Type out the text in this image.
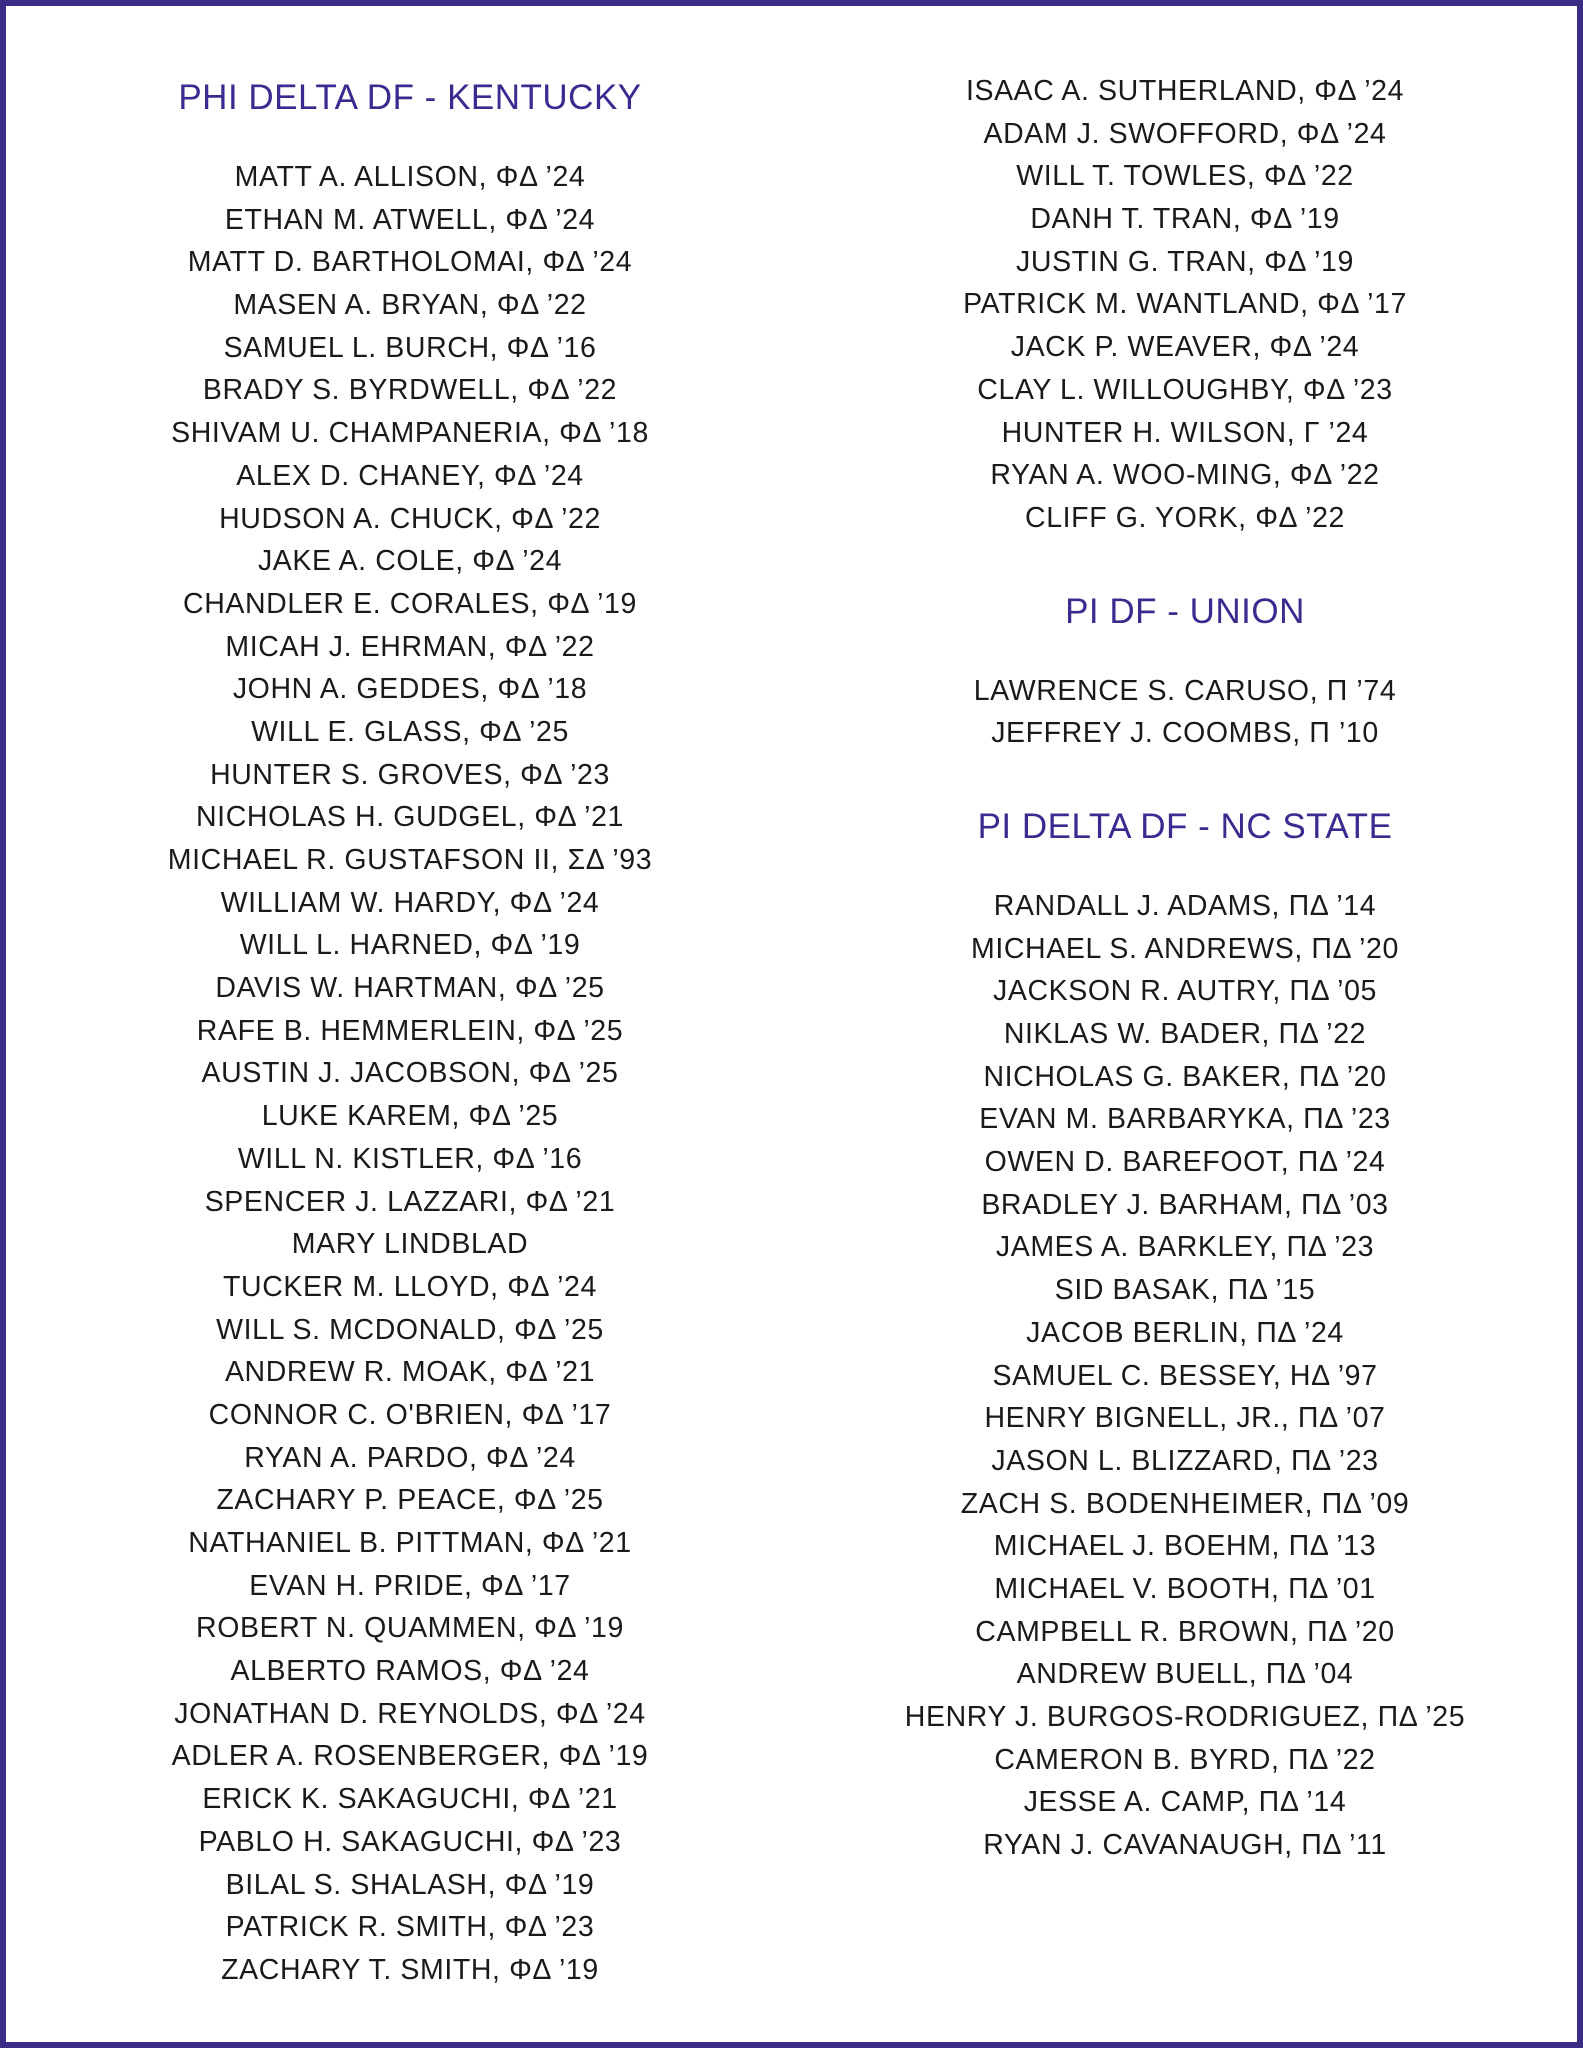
PHI DELTA DF - KENTUCKY
MATT A. ALLISON, ΦΔ ’24
ETHAN M. ATWELL, ΦΔ ’24
MATT D. BARTHOLOMAI, ΦΔ ’24
MASEN A. BRYAN, ΦΔ ’22
SAMUEL L. BURCH, ΦΔ ’16
BRADY S. BYRDWELL, ΦΔ ’22
SHIVAM U. CHAMPANERIA, ΦΔ ’18
ALEX D. CHANEY, ΦΔ ’24
HUDSON A. CHUCK, ΦΔ ’22
JAKE A. COLE, ΦΔ ’24
CHANDLER E. CORALES, ΦΔ ’19
MICAH J. EHRMAN, ΦΔ ’22
JOHN A. GEDDES, ΦΔ ’18
WILL E. GLASS, ΦΔ ’25
HUNTER S. GROVES, ΦΔ ’23
NICHOLAS H. GUDGEL, ΦΔ ’21
MICHAEL R. GUSTAFSON II, ΣΔ ’93
WILLIAM W. HARDY, ΦΔ ’24
WILL L. HARNED, ΦΔ ’19
DAVIS W. HARTMAN, ΦΔ ’25
RAFE B. HEMMERLEIN, ΦΔ ’25
AUSTIN J. JACOBSON, ΦΔ ’25
LUKE KAREM, ΦΔ ’25
WILL N. KISTLER, ΦΔ ’16
SPENCER J. LAZZARI, ΦΔ ’21
MARY LINDBLAD
TUCKER M. LLOYD, ΦΔ ’24
WILL S. MCDONALD, ΦΔ ’25
ANDREW R. MOAK, ΦΔ ’21
CONNOR C. O'BRIEN, ΦΔ ’17
RYAN A. PARDO, ΦΔ ’24
ZACHARY P. PEACE, ΦΔ ’25
NATHANIEL B. PITTMAN, ΦΔ ’21
EVAN H. PRIDE, ΦΔ ’17
ROBERT N. QUAMMEN, ΦΔ ’19
ALBERTO RAMOS, ΦΔ ’24
JONATHAN D. REYNOLDS, ΦΔ ’24
ADLER A. ROSENBERGER, ΦΔ ’19
ERICK K. SAKAGUCHI, ΦΔ ’21
PABLO H. SAKAGUCHI, ΦΔ ’23
BILAL S. SHALASH, ΦΔ ’19
PATRICK R. SMITH, ΦΔ ’23
ZACHARY T. SMITH, ΦΔ ’19
ISAAC A. SUTHERLAND, ΦΔ ’24
ADAM J. SWOFFORD, ΦΔ ’24
WILL T. TOWLES, ΦΔ ’22
DANH T. TRAN, ΦΔ ’19
JUSTIN G. TRAN, ΦΔ ’19
PATRICK M. WANTLAND, ΦΔ ’17
JACK P. WEAVER, ΦΔ ’24
CLAY L. WILLOUGHBY, ΦΔ ’23
HUNTER H. WILSON, Γ ’24
RYAN A. WOO-MING, ΦΔ ’22
CLIFF G. YORK, ΦΔ ’22
PI DF - UNION
LAWRENCE S. CARUSO, Π ’74
JEFFREY J. COOMBS, Π ’10
PI DELTA DF - NC STATE
RANDALL J. ADAMS, ΠΔ ’14
MICHAEL S. ANDREWS, ΠΔ ’20
JACKSON R. AUTRY, ΠΔ ’05
NIKLAS W. BADER, ΠΔ ’22
NICHOLAS G. BAKER, ΠΔ ’20
EVAN M. BARBARYKA, ΠΔ ’23
OWEN D. BAREFOOT, ΠΔ ’24
BRADLEY J. BARHAM, ΠΔ ’03
JAMES A. BARKLEY, ΠΔ ’23
SID BASAK, ΠΔ ’15
JACOB BERLIN, ΠΔ ’24
SAMUEL C. BESSEY, HΔ ’97
HENRY BIGNELL, JR., ΠΔ ’07
JASON L. BLIZZARD, ΠΔ ’23
ZACH S. BODENHEIMER, ΠΔ ’09
MICHAEL J. BOEHM, ΠΔ ’13
MICHAEL V. BOOTH, ΠΔ ’01
CAMPBELL R. BROWN, ΠΔ ’20
ANDREW BUELL, ΠΔ ’04
HENRY J. BURGOS-RODRIGUEZ, ΠΔ ’25
CAMERON B. BYRD, ΠΔ ’22
JESSE A. CAMP, ΠΔ ’14
RYAN J. CAVANAUGH, ΠΔ ’11
